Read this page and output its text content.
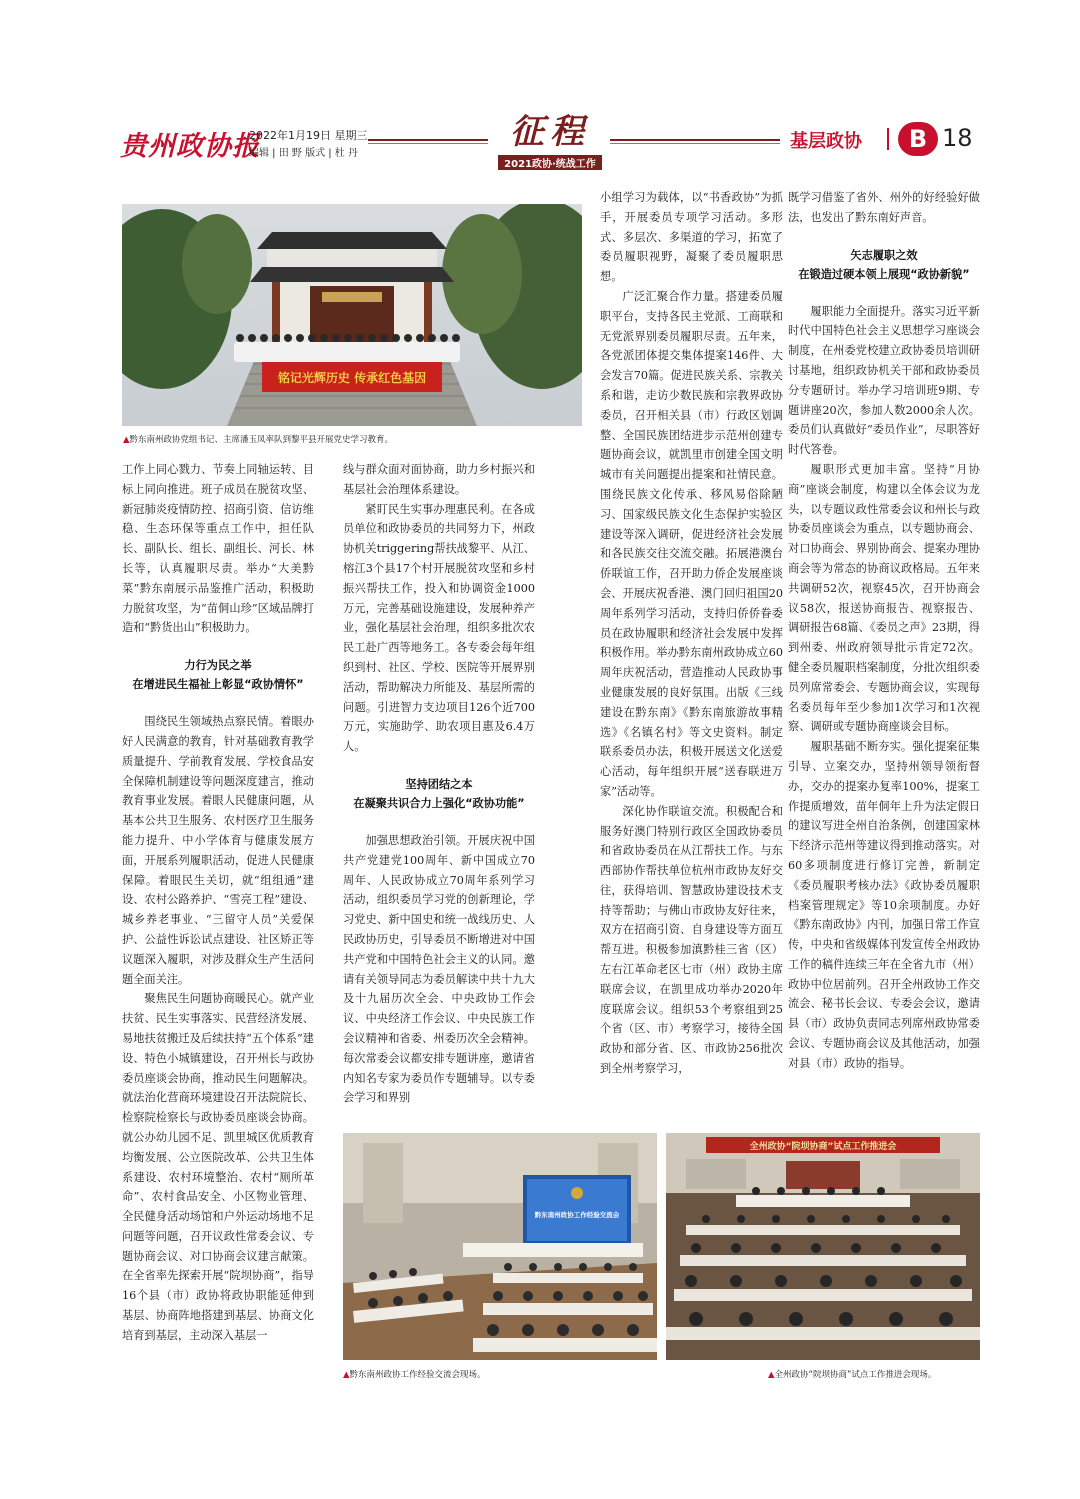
贵州政协报
2022年1月19日 星期三
编辑 | 田 野 版式 | 杜 丹
征程
2021政协·统战工作
基层政协	B 18
铭记光辉历史 传承红色基因
▲黔东南州政协党组书记、主席潘玉凤率队到黎平县开展党史学习教育。

工作上同心戮力、节奏上同轴运转、目标上同向推进。班子成员在脱贫攻坚、新冠肺炎疫情防控、招商引资、信访维稳、生态环保等重点工作中，担任队长、副队长、组长、副组长、河长、林长等，认真履职尽责。举办“大美黔菜”黔东南展示品鉴推广活动，积极助力脱贫攻坚，为“苗侗山珍”区域品牌打造和“黔货出山”积极助力。

力行为民之举
在增进民生福祉上彰显“政协情怀”

围绕民生领域热点察民情。着眼办好人民满意的教育，针对基础教育教学质量提升、学前教育发展、学校食品安全保障机制建设等问题深度建言，推动教育事业发展。着眼人民健康问题，从基本公共卫生服务、农村医疗卫生服务能力提升、中小学体育与健康发展方面，开展系列履职活动，促进人民健康保障。着眼民生关切，就“组组通”建设、农村公路养护、“雪亮工程”建设、城乡养老事业、“三留守人员”关爱保护、公益性诉讼试点建设、社区矫正等议题深入履职，对涉及群众生产生活问题全面关注。

聚焦民生问题协商暖民心。就产业扶贫、民生实事落实、民营经济发展、易地扶贫搬迁及后续扶持“五个体系”建设、特色小城镇建设，召开州长与政协委员座谈会协商，推动民生问题解决。就法治化营商环境建设召开法院院长、检察院检察长与政协委员座谈会协商。就公办幼儿园不足、凯里城区优质教育均衡发展、公立医院改革、公共卫生体系建设、农村环境整治、农村“厕所革命”、农村食品安全、小区物业管理、全民健身活动场馆和户外运动场地不足问题等问题，召开议政性常委会议、专题协商会议、对口协商会议建言献策。在全省率先探索开展“院坝协商”，指导16个县（市）政协将政协职能延伸到基层、协商阵地搭建到基层、协商文化培育到基层，主动深入基层一

线与群众面对面协商，助力乡村振兴和基层社会治理体系建设。

紧盯民生实事办理惠民利。在各成员单位和政协委员的共同努力下，州政协机关triggering帮扶战黎平、从江、榕江3个县17个村开展脱贫攻坚和乡村振兴帮扶工作，投入和协调资金1000万元，完善基础设施建设，发展种养产业，强化基层社会治理，组织多批次农民工赴广西等地务工。各专委会每年组织到村、社区、学校、医院等开展界别活动，帮助解决力所能及、基层所需的问题。引进智力支边项目126个近700万元，实施助学、助农项目惠及6.4万人。

坚持团结之本
在凝聚共识合力上强化“政协功能”

加强思想政治引领。开展庆祝中国共产党建党100周年、新中国成立70周年、人民政协成立70周年系列学习活动，组织委员学习党的创新理论，学习党史、新中国史和统一战线历史、人民政协历史，引导委员不断增进对中国共产党和中国特色社会主义的认同。邀请有关领导同志为委员解读中共十九大及十九届历次全会、中央政协工作会议、中央经济工作会议、中央民族工作会议精神和省委、州委历次全会精神。每次常委会议都安排专题讲座，邀请省内知名专家为委员作专题辅导。以专委会学习和界别

小组学习为载体，以“书香政协”为抓手，开展委员专项学习活动。多形式、多层次、多渠道的学习，拓宽了委员履职视野，凝聚了委员履职思想。

广泛汇聚合作力量。搭建委员履职平台，支持各民主党派、工商联和无党派界别委员履职尽责。五年来，各党派团体提交集体提案146件、大会发言70篇。促进民族关系、宗教关系和谐，走访少数民族和宗教界政协委员，召开相关县（市）行政区划调整、全国民族团结进步示范州创建专题协商会议，就凯里市创建全国文明城市有关问题提出提案和社情民意。围绕民族文化传承、移风易俗除陋习、国家级民族文化生态保护实验区建设等深入调研，促进经济社会发展和各民族交往交流交融。拓展港澳台侨联谊工作，召开助力侨企发展座谈会、开展庆祝香港、澳门回归祖国20周年系列学习活动，支持归侨侨眷委员在政协履职和经济社会发展中发挥积极作用。举办黔东南州政协成立60周年庆祝活动，营造推动人民政协事业健康发展的良好氛围。出版《三线建设在黔东南》《黔东南旅游故事精选》《名镇名村》等文史资料。制定联系委员办法，积极开展送文化送爱心活动，每年组织开展“送春联进万家”活动等。

深化协作联谊交流。积极配合和服务好澳门特别行政区全国政协委员和省政协委员在从江帮扶工作。与东西部协作帮扶单位杭州市政协友好交往，获得培训、智慧政协建设技术支持等帮助；与佛山市政协友好往来，双方在招商引资、自身建设等方面互帮互进。积极参加滇黔桂三省（区）左右江革命老区七市（州）政协主席联席会议，在凯里成功举办2020年度联席会议。组织53个考察组到25个省（区、市）考察学习，接待全国政协和部分省、区、市政协256批次到全州考察学习，

既学习借鉴了省外、州外的好经验好做法，也发出了黔东南好声音。

矢志履职之效
在锻造过硬本领上展现“政协新貌”

履职能力全面提升。落实习近平新时代中国特色社会主义思想学习座谈会制度，在州委党校建立政协委员培训研讨基地，组织政协机关干部和政协委员分专题研讨。举办学习培训班9期、专题讲座20次，参加人数2000余人次。委员们认真做好“委员作业”，尽职答好时代答卷。

履职形式更加丰富。坚持“月协商”座谈会制度，构建以全体会议为龙头，以专题议政性常委会议和州长与政协委员座谈会为重点，以专题协商会、对口协商会、界别协商会、提案办理协商会等为常态的协商议政格局。五年来共调研52次，视察45次，召开协商会议58次，报送协商报告、视察报告、调研报告68篇、《委员之声》23期，得到州委、州政府领导批示肯定72次。健全委员履职档案制度，分批次组织委员列席常委会、专题协商会议，实现每名委员每年至少参加1次学习和1次视察、调研或专题协商座谈会目标。

履职基础不断夯实。强化提案征集引导、立案交办，坚持州领导领衔督办，交办的提案办复率100%，提案工作提质增效，苗年侗年上升为法定假日的建议写进全州自治条例，创建国家林下经济示范州等建议得到推动落实。对60多项制度进行修订完善，新制定《委员履职考核办法》《政协委员履职档案管理规定》等10余项制度。办好《黔东南政协》内刊，加强日常工作宣传，中央和省级媒体刊发宣传全州政协工作的稿件连续三年在全省九市（州）政协中位居前列。召开全州政协工作交流会、秘书长会议、专委会会议，邀请县（市）政协负责同志列席州政协常委会议、专题协商会议及其他活动，加强对县（市）政协的指导。

黔东南州政协工作经验交流会
▲黔东南州政协工作经验交流会现场。
全州政协“院坝协商”试点工作推进会
▲全州政协“院坝协商”试点工作推进会现场。
